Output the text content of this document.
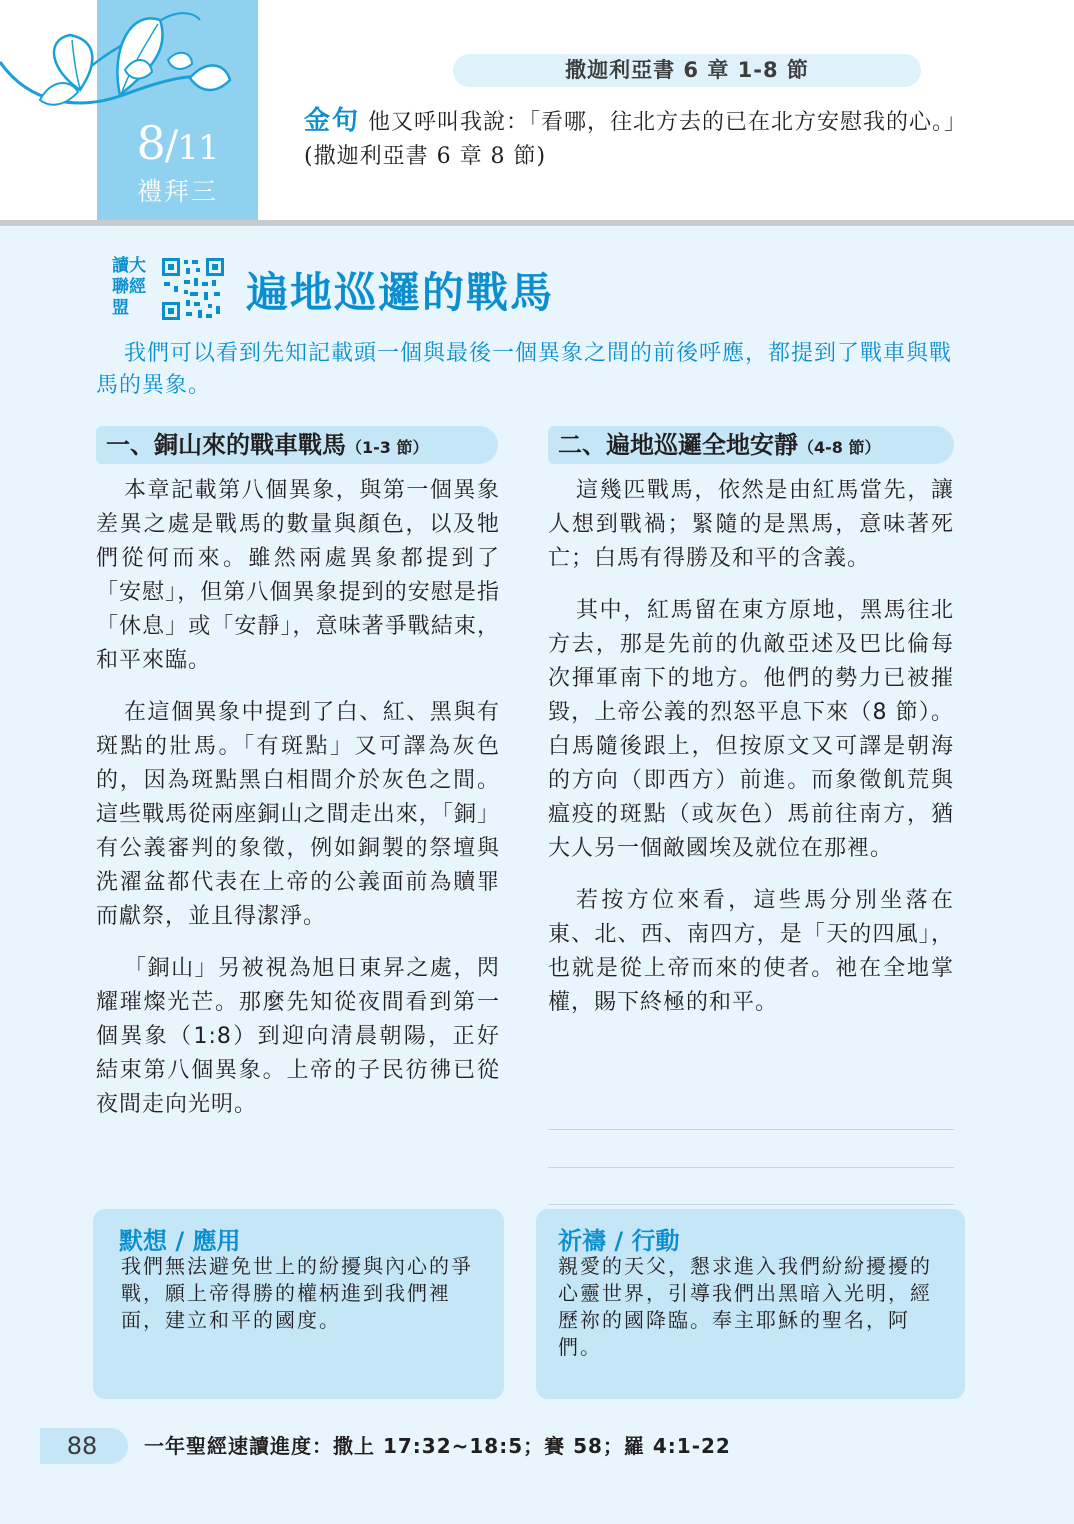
8/11
禮拜三
撒迦利亞書 6 章 1-8 節
金句 他又呼叫我說：「看哪，往北方去的已在北方安慰我的心。」(撒迦利亞書 6 章 8 節)
讀大聯經盟	遍地巡邏的戰馬
我們可以看到先知記載頭一個與最後一個異象之間的前後呼應，都提到了戰車與戰馬的異象。
一、銅山來的戰車戰馬（1-3 節）

本章記載第八個異象，與第一個異象差異之處是戰馬的數量與顏色，以及牠們從何而來。雖然兩處異象都提到了「安慰」，但第八個異象提到的安慰是指「休息」或「安靜」，意味著爭戰結束，和平來臨。

在這個異象中提到了白、紅、黑與有斑點的壯馬。「有斑點」又可譯為灰色的，因為斑點黑白相間介於灰色之間。這些戰馬從兩座銅山之間走出來，「銅」有公義審判的象徵，例如銅製的祭壇與洗濯盆都代表在上帝的公義面前為贖罪而獻祭，並且得潔淨。

「銅山」另被視為旭日東昇之處，閃耀璀燦光芒。那麼先知從夜間看到第一個異象（1:8）到迎向清晨朝陽，正好結束第八個異象。上帝的子民彷彿已從夜間走向光明。

二、遍地巡邏全地安靜（4-8 節）

這幾匹戰馬，依然是由紅馬當先，讓人想到戰禍；緊隨的是黑馬，意味著死亡；白馬有得勝及和平的含義。

其中，紅馬留在東方原地，黑馬往北方去，那是先前的仇敵亞述及巴比倫每次揮軍南下的地方。他們的勢力已被摧毀，上帝公義的烈怒平息下來（8 節）。白馬隨後跟上，但按原文又可譯是朝海的方向（即西方）前進。而象徵飢荒與瘟疫的斑點（或灰色）馬前往南方，猶大人另一個敵國埃及就位在那裡。

若按方位來看，這些馬分別坐落在東、北、西、南四方，是「天的四風」，也就是從上帝而來的使者。祂在全地掌權，賜下終極的和平。

默想 / 應用
我們無法避免世上的紛擾與內心的爭戰，願上帝得勝的權柄進到我們裡面，建立和平的國度。
祈禱 / 行動
親愛的天父，懇求進入我們紛紛擾擾的心靈世界，引導我們出黑暗入光明，經歷祢的國降臨。奉主耶穌的聖名，阿們。
88	一年聖經速讀進度：撒上 17:32~18:5；賽 58；羅 4:1-22
